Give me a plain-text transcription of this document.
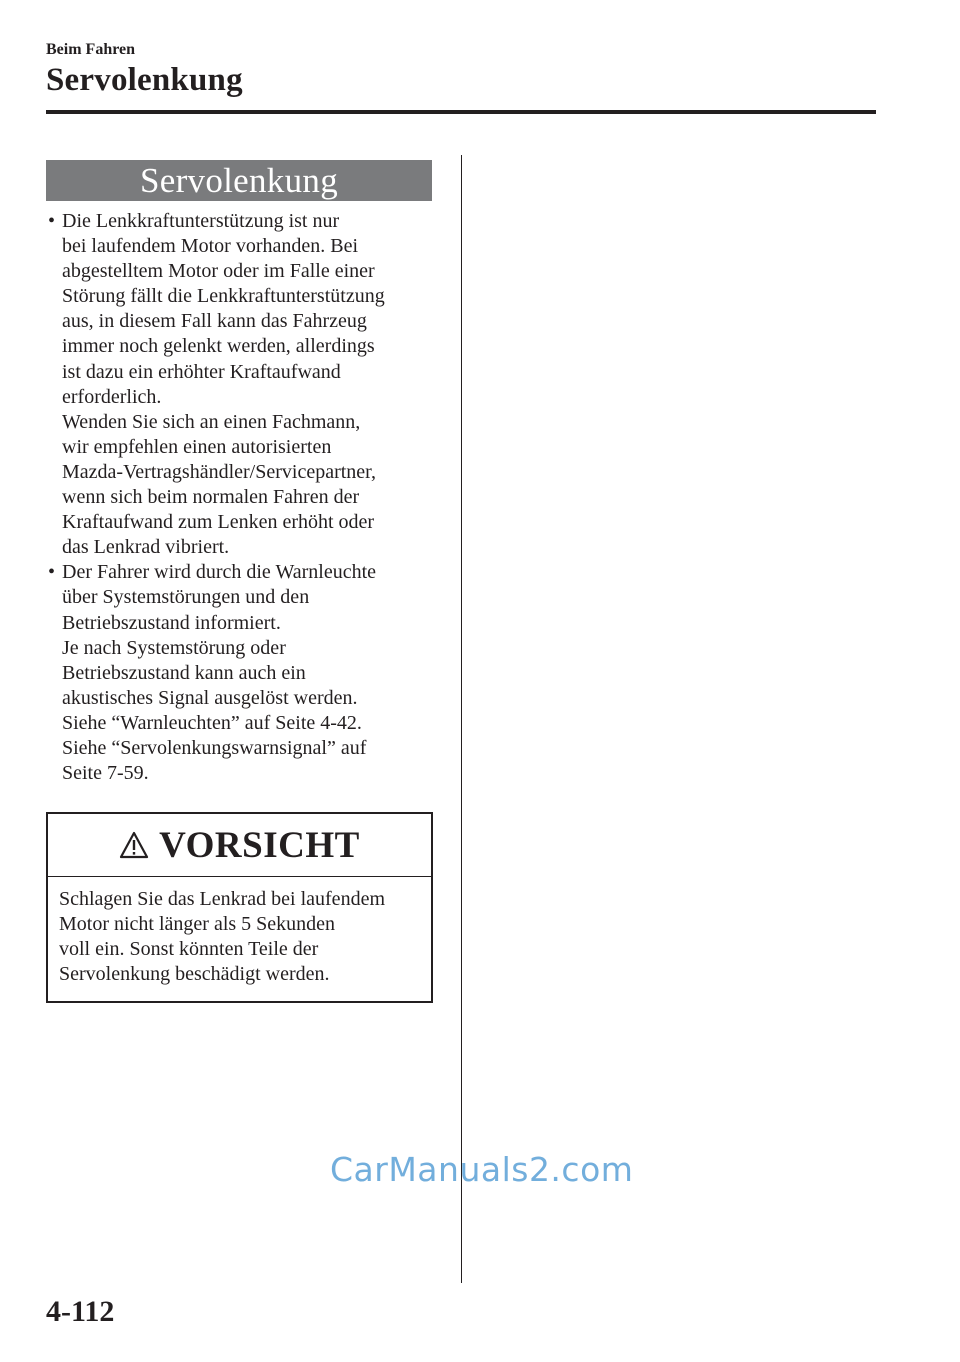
Beim Fahren
Servolenkung
Servolenkung
• Die Lenkkraftunterstützung ist nur
bei laufendem Motor vorhanden. Bei
abgestelltem Motor oder im Falle einer
Störung fällt die Lenkkraftunterstützung
aus, in diesem Fall kann das Fahrzeug
immer noch gelenkt werden, allerdings
ist dazu ein erhöhter Kraftaufwand
erforderlich.
Wenden Sie sich an einen Fachmann,
wir empfehlen einen autorisierten
Mazda-Vertragshändler/Servicepartner,
wenn sich beim normalen Fahren der
Kraftaufwand zum Lenken erhöht oder
das Lenkrad vibriert.
• Der Fahrer wird durch die Warnleuchte
über Systemstörungen und den
Betriebszustand informiert.
Je nach Systemstörung oder
Betriebszustand kann auch ein
akustisches Signal ausgelöst werden.
Siehe “Warnleuchten” auf Seite 4-42.
Siehe “Servolenkungswarnsignal” auf
Seite 7-59.
VORSICHT
Schlagen Sie das Lenkrad bei laufendem
Motor nicht länger als 5 Sekunden
voll ein. Sonst könnten Teile der
Servolenkung beschädigt werden.
CarManuals2.com
4-112
